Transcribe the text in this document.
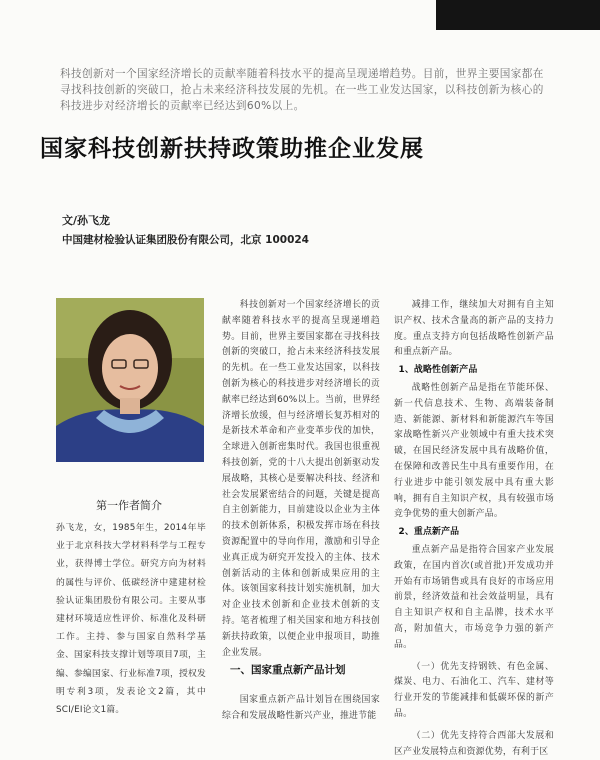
科技创新对一个国家经济增长的贡献率随着科技水平的提高呈现递增趋势。目前，世界主要国家都在寻找科技创新的突破口，抢占未来经济科技发展的先机。在一些工业发达国家，以科技创新为核心的科技进步对经济增长的贡献率已经达到60%以上。
国家科技创新扶持政策助推企业发展
文/孙飞龙
中国建材检验认证集团股份有限公司，北京 100024
第一作者简介
孙飞龙，女，1985年生，2014年毕业于北京科技大学材料科学与工程专业，获得博士学位。研究方向为材料的属性与评价、低碳经济中建建材检验认证集团股份有限公司。主要从事建材环境适应性评价、标准化及科研工作。主持、参与国家自然科学基金、国家科技支撑计划等项目7项，主编、参编国家、行业标准7项，授权发明专利3项，发表论文2篇，其中SCI/EI论文1篇。
科技创新对一个国家经济增长的贡献率随着科技水平的提高呈现递增趋势。目前，世界主要国家都在寻找科技创新的突破口，抢占未来经济科技发展的先机。在一些工业发达国家，以科技创新为核心的科技进步对经济增长的贡献率已经达到60%以上。当前，世界经济增长放缓，但与经济增长复苏相对的是新技术革命和产业变革步伐的加快，全球进入创新密集时代。我国也很重视科技创新，党的十八大提出创新驱动发展战略，其核心是要解决科技、经济和社会发展紧密结合的问题，关键是提高自主创新能力，目前建设以企业为主体的技术创新体系，积极发挥市场在科技资源配置中的导向作用，激励和引导企业真正成为研究开发投入的主体、技术创新活动的主体和创新成果应用的主体。该领国家科技计划实施机制，加大对企业技术创新和企业技术创新的支持。笔者梳理了相关国家和地方科技创新扶持政策，以便企业申报项目，助推企业发展。
一、国家重点新产品计划
国家重点新产品计划旨在围绕国家综合和发展战略性新兴产业，推进节能

减排工作，继续加大对拥有自主知识产权、技术含量高的新产品的支持力度。重点支持方向包括战略性创新产品和重点新产品。

1、战略性创新产品

战略性创新产品是指在节能环保、新一代信息技术、生物、高端装备制造、新能源、新材料和新能源汽车等国家战略性新兴产业领域中有重大技术突破，在国民经济发展中具有战略价值，在保障和改善民生中具有重要作用，在行业进步中能引领发展中具有重大影响，拥有自主知识产权，具有较强市场竞争优势的重大创新产品。

2、重点新产品

重点新产品是指符合国家产业发展政策，在国内首次(或首批)开发成功并开始有市场销售或具有良好的市场应用前景，经济效益和社会效益明显，具有自主知识产权和自主品牌，技术水平高，附加值大，市场竞争力强的新产品。

（一）优先支持钢铁、有色金属、煤炭、电力、石油化工、汽车、建材等行业开发的节能减排和低碳环保的新产品。

（二）优先支持符合西部大发展和区产业发展特点和资源优势，有利于区
